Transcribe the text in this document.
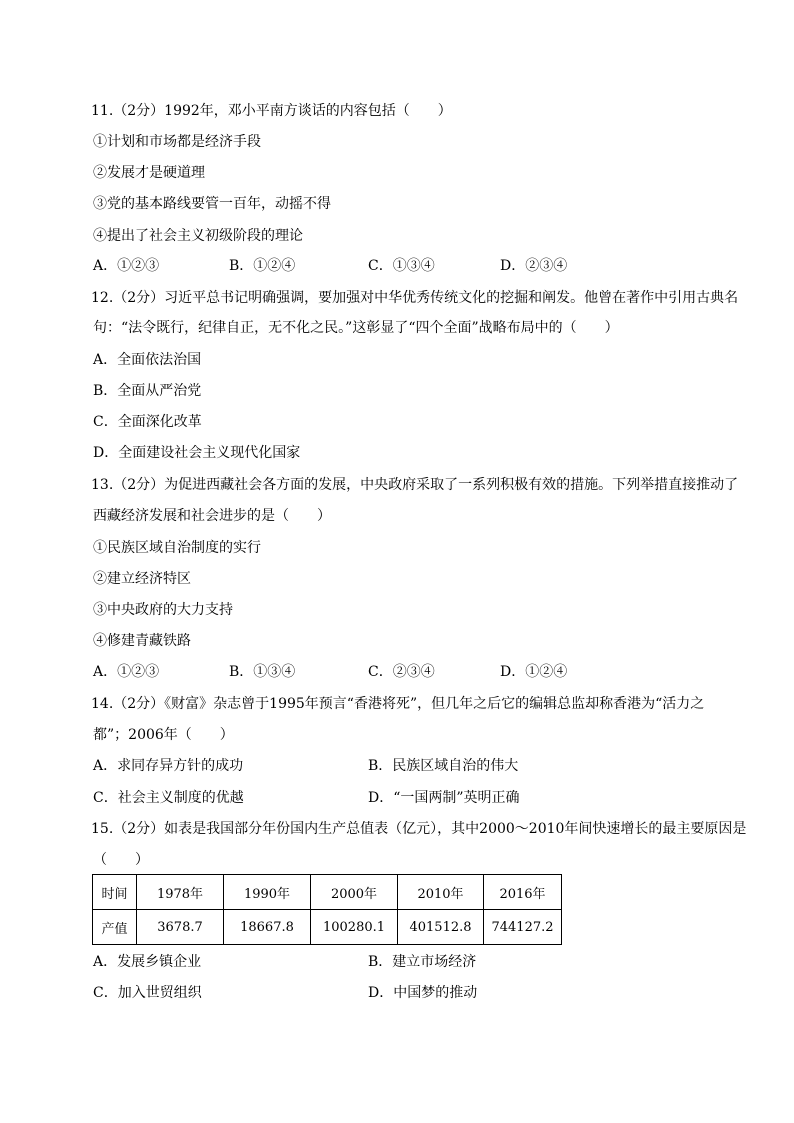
11.（2分）1992年，邓小平南方谈话的内容包括（　　）
①计划和市场都是经济手段
②发展才是硬道理
③党的基本路线要管一百年，动摇不得
④提出了社会主义初级阶段的理论
A．①②③	B．①②④	C．①③④	D．②③④
12.（2分）习近平总书记明确强调，要加强对中华优秀传统文化的挖掘和阐发。他曾在著作中引用古典名
句：“法令既行，纪律自正，无不化之民。”这彰显了“四个全面”战略布局中的（　　）
A．全面依法治国
B．全面从严治党
C．全面深化改革
D．全面建设社会主义现代化国家
13.（2分）为促进西藏社会各方面的发展，中央政府采取了一系列积极有效的措施。下列举措直接推动了
西藏经济发展和社会进步的是（　　）
①民族区域自治制度的实行
②建立经济特区
③中央政府的大力支持
④修建青藏铁路
A．①②③	B．①③④	C．②③④	D．①②④
14.（2分）《财富》杂志曾于1995年预言“香港将死”，但几年之后它的编辑总监却称香港为“活力之
都”；2006年（　　）
A．求同存异方针的成功	B．民族区域自治的伟大
C．社会主义制度的优越	D．“一国两制”英明正确
15.（2分）如表是我国部分年份国内生产总值表（亿元），其中2000～2010年间快速增长的最主要原因是
（　　）
时间	1978年	1990年	2000年	2010年	2016年
产值	3678.7	18667.8	100280.1	401512.8	744127.2
A．发展乡镇企业	B．建立市场经济
C．加入世贸组织	D．中国梦的推动
